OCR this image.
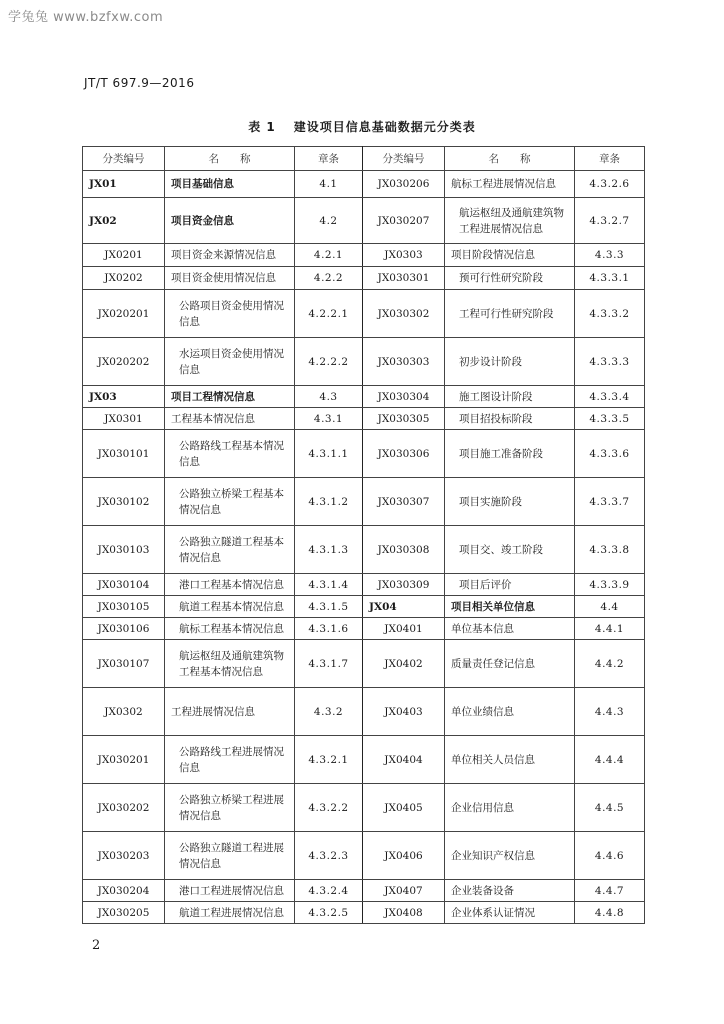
学兔兔 www.bzfxw.com
JT/T 697.9—2016
表 1 建设项目信息基础数据元分类表
分类编号	名　　称	章条	分类编号	名　　称	章条
JX01	项目基础信息	4.1	JX030206	航标工程进展情况信息	4.3.2.6
JX02	项目资金信息	4.2	JX030207	航运枢纽及通航建筑物工程进展情况信息	4.3.2.7
JX0201	项目资金来源情况信息	4.2.1	JX0303	项目阶段情况信息	4.3.3
JX0202	项目资金使用情况信息	4.2.2	JX030301	预可行性研究阶段	4.3.3.1
JX020201	公路项目资金使用情况信息	4.2.2.1	JX030302	工程可行性研究阶段	4.3.3.2
JX020202	水运项目资金使用情况信息	4.2.2.2	JX030303	初步设计阶段	4.3.3.3
JX03	项目工程情况信息	4.3	JX030304	施工图设计阶段	4.3.3.4
JX0301	工程基本情况信息	4.3.1	JX030305	项目招投标阶段	4.3.3.5
JX030101	公路路线工程基本情况信息	4.3.1.1	JX030306	项目施工准备阶段	4.3.3.6
JX030102	公路独立桥梁工程基本情况信息	4.3.1.2	JX030307	项目实施阶段	4.3.3.7
JX030103	公路独立隧道工程基本情况信息	4.3.1.3	JX030308	项目交、竣工阶段	4.3.3.8
JX030104	港口工程基本情况信息	4.3.1.4	JX030309	项目后评价	4.3.3.9
JX030105	航道工程基本情况信息	4.3.1.5	JX04	项目相关单位信息	4.4
JX030106	航标工程基本情况信息	4.3.1.6	JX0401	单位基本信息	4.4.1
JX030107	航运枢纽及通航建筑物工程基本情况信息	4.3.1.7	JX0402	质量责任登记信息	4.4.2
JX0302	工程进展情况信息	4.3.2	JX0403	单位业绩信息	4.4.3
JX030201	公路路线工程进展情况信息	4.3.2.1	JX0404	单位相关人员信息	4.4.4
JX030202	公路独立桥梁工程进展情况信息	4.3.2.2	JX0405	企业信用信息	4.4.5
JX030203	公路独立隧道工程进展情况信息	4.3.2.3	JX0406	企业知识产权信息	4.4.6
JX030204	港口工程进展情况信息	4.3.2.4	JX0407	企业装备设备	4.4.7
JX030205	航道工程进展情况信息	4.3.2.5	JX0408	企业体系认证情况	4.4.8
2
